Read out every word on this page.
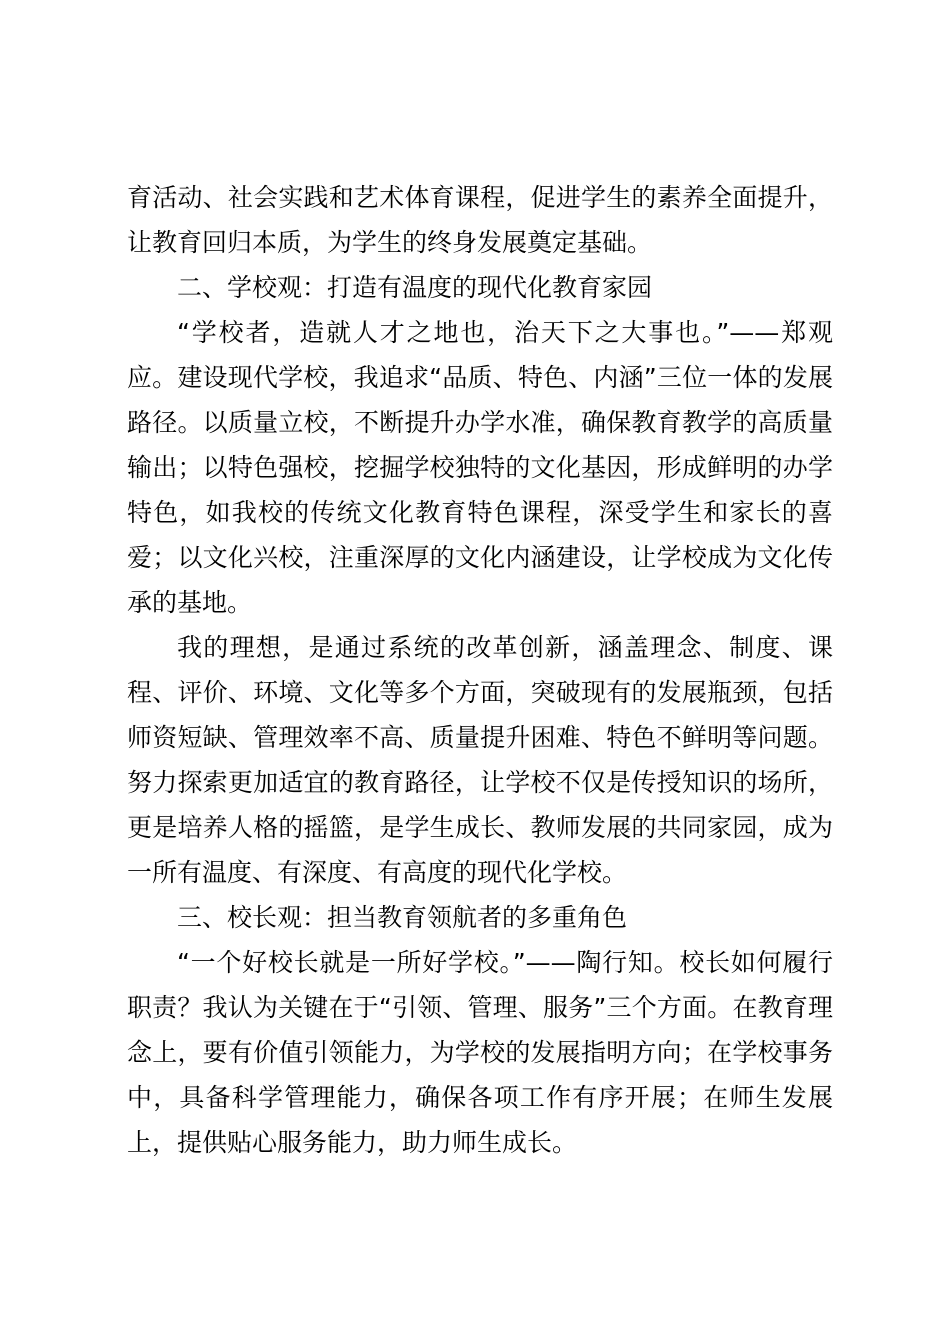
育活动、社会实践和艺术体育课程，促进学生的素养全面提升，让教育回归本质，为学生的终身发展奠定基础。

二、学校观：打造有温度的现代化教育家园

“学校者，造就人才之地也，治天下之大事也。”——郑观应。建设现代学校，我追求“品质、特色、内涵”三位一体的发展路径。以质量立校，不断提升办学水准，确保教育教学的高质量输出；以特色强校，挖掘学校独特的文化基因，形成鲜明的办学特色，如我校的传统文化教育特色课程，深受学生和家长的喜爱；以文化兴校，注重深厚的文化内涵建设，让学校成为文化传承的基地。

我的理想，是通过系统的改革创新，涵盖理念、制度、课程、评价、环境、文化等多个方面，突破现有的发展瓶颈，包括师资短缺、管理效率不高、质量提升困难、特色不鲜明等问题。努力探索更加适宜的教育路径，让学校不仅是传授知识的场所，更是培养人格的摇篮，是学生成长、教师发展的共同家园，成为一所有温度、有深度、有高度的现代化学校。

三、校长观：担当教育领航者的多重角色

“一个好校长就是一所好学校。”——陶行知。校长如何履行职责？我认为关键在于“引领、管理、服务”三个方面。在教育理念上，要有价值引领能力，为学校的发展指明方向；在学校事务中，具备科学管理能力，确保各项工作有序开展；在师生发展上，提供贴心服务能力，助力师生成长。
